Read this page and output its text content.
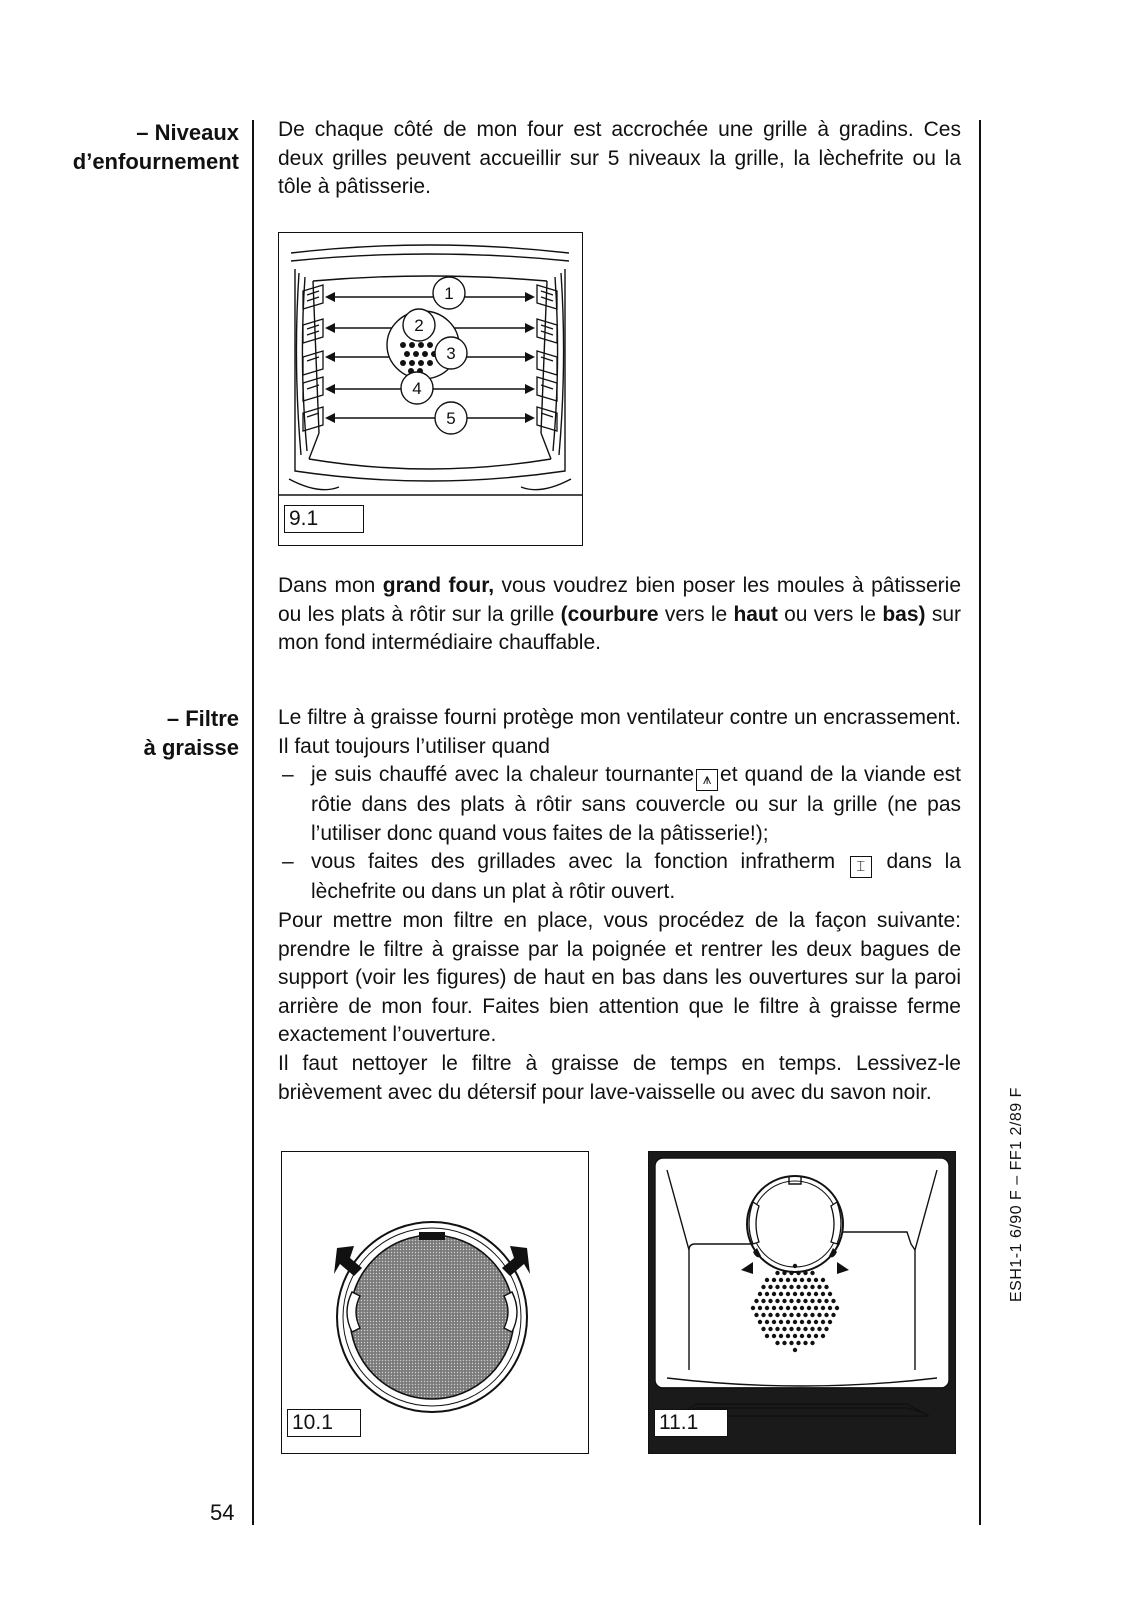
– Niveaux
d’enfournement
– Filtre
à graisse
De chaque côté de mon four est accrochée une grille à gradins. Ces deux grilles peuvent accueillir sur 5 niveaux la grille, la lèchefrite ou la tôle à pâtisserie.
1
2
3
4
5
9.1
Dans mon grand four, vous voudrez bien poser les moules à pâtisserie ou les plats à rôtir sur la grille (courbure vers le haut ou vers le bas) sur mon fond intermédiaire chauffable.
Le filtre à graisse fourni protège mon ventilateur contre un encrassement. Il faut toujours l’utiliser quand
– je suis chauffé avec la chaleur tournante ⩚ et quand de la viande est rôtie dans des plats à rôtir sans couvercle ou sur la grille (ne pas l’utiliser donc quand vous faites de la pâtisserie!);
– vous faites des grillades avec la fonction infratherm ⌶ dans la lèchefrite ou dans un plat à rôtir ouvert.
Pour mettre mon filtre en place, vous procédez de la façon suivante: prendre le filtre à graisse par la poignée et rentrer les deux bagues de support (voir les figures) de haut en bas dans les ouvertures sur la paroi arrière de mon four. Faites bien attention que le filtre à graisse ferme exactement l’ouverture.
Il faut nettoyer le filtre à graisse de temps en temps. Lessivez-le brièvement avec du détersif pour lave-vaisselle ou avec du savon noir.
10.1	11.1
54
ESH1-1 6/90 F – FF1 2/89 F
